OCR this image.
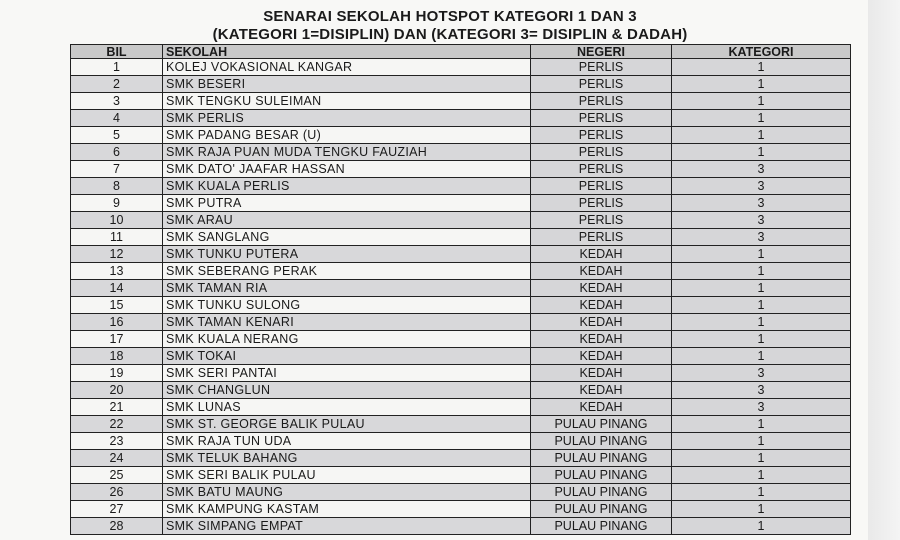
SENARAI SEKOLAH HOTSPOT KATEGORI 1 DAN 3
(KATEGORI 1=DISIPLIN) DAN (KATEGORI 3= DISIPLIN & DADAH)
BIL	SEKOLAH	NEGERI	KATEGORI
1	KOLEJ VOKASIONAL KANGAR	PERLIS	1
2	SMK BESERI	PERLIS	1
3	SMK TENGKU SULEIMAN	PERLIS	1
4	SMK PERLIS	PERLIS	1
5	SMK PADANG BESAR (U)	PERLIS	1
6	SMK RAJA PUAN MUDA TENGKU FAUZIAH	PERLIS	1
7	SMK DATO' JAAFAR HASSAN	PERLIS	3
8	SMK KUALA PERLIS	PERLIS	3
9	SMK PUTRA	PERLIS	3
10	SMK ARAU	PERLIS	3
11	SMK SANGLANG	PERLIS	3
12	SMK TUNKU PUTERA	KEDAH	1
13	SMK SEBERANG PERAK	KEDAH	1
14	SMK TAMAN RIA	KEDAH	1
15	SMK TUNKU SULONG	KEDAH	1
16	SMK TAMAN KENARI	KEDAH	1
17	SMK KUALA NERANG	KEDAH	1
18	SMK TOKAI	KEDAH	1
19	SMK SERI PANTAI	KEDAH	3
20	SMK CHANGLUN	KEDAH	3
21	SMK LUNAS	KEDAH	3
22	SMK ST. GEORGE BALIK PULAU	PULAU PINANG	1
23	SMK RAJA TUN UDA	PULAU PINANG	1
24	SMK TELUK BAHANG	PULAU PINANG	1
25	SMK SERI BALIK PULAU	PULAU PINANG	1
26	SMK BATU MAUNG	PULAU PINANG	1
27	SMK KAMPUNG KASTAM	PULAU PINANG	1
28	SMK SIMPANG EMPAT	PULAU PINANG	1
